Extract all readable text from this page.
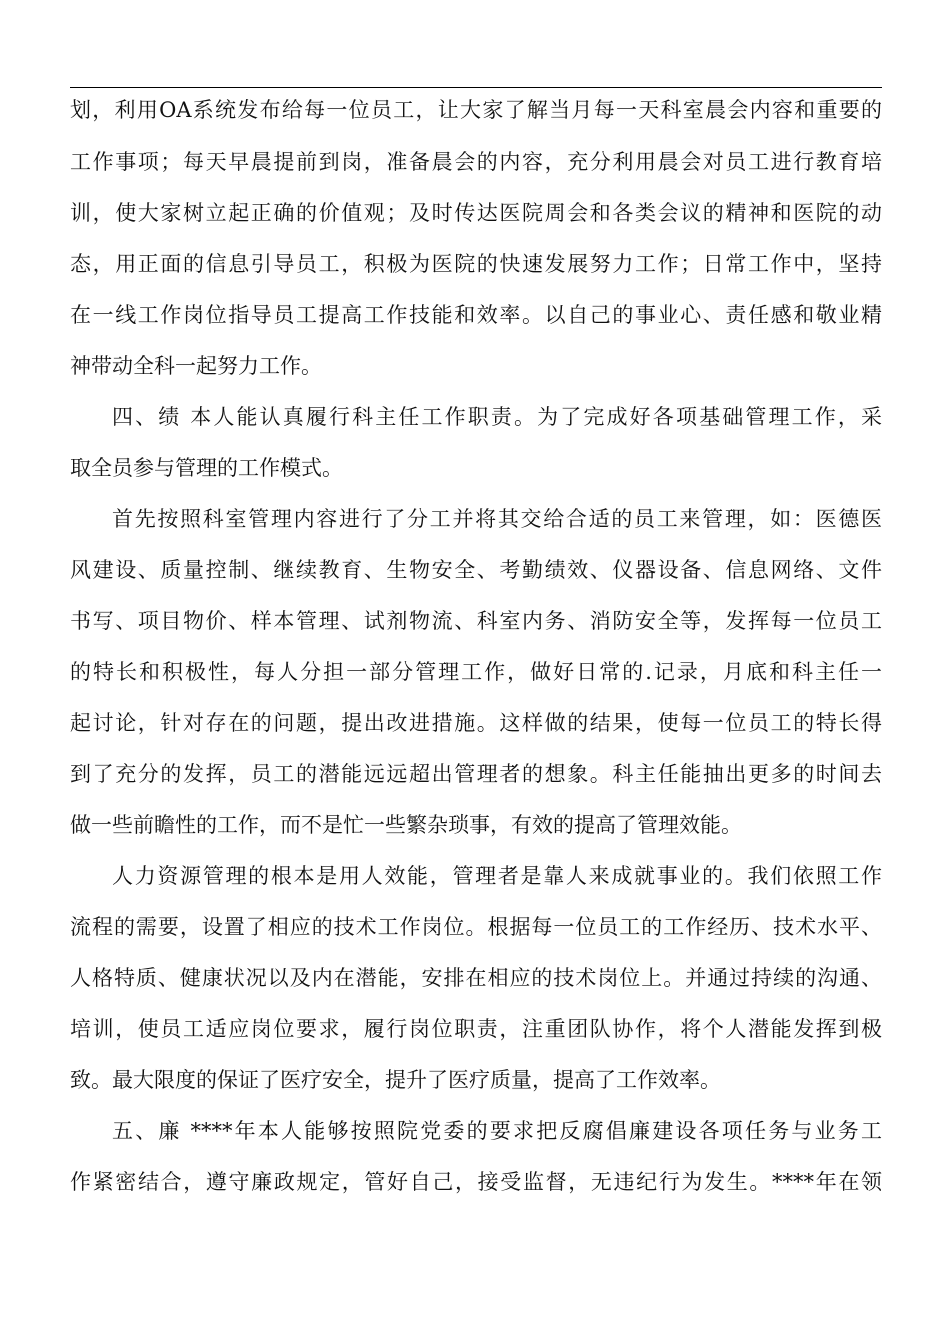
划，利用OA系统发布给每一位员工，让大家了解当月每一天科室晨会内容和重要的
工作事项；每天早晨提前到岗，准备晨会的内容，充分利用晨会对员工进行教育培
训，使大家树立起正确的价值观；及时传达医院周会和各类会议的精神和医院的动
态，用正面的信息引导员工，积极为医院的快速发展努力工作；日常工作中，坚持
在一线工作岗位指导员工提高工作技能和效率。以自己的事业心、责任感和敬业精
神带动全科一起努力工作。
四、绩 本人能认真履行科主任工作职责。为了完成好各项基础管理工作，采
取全员参与管理的工作模式。
首先按照科室管理内容进行了分工并将其交给合适的员工来管理，如：医德医
风建设、质量控制、继续教育、生物安全、考勤绩效、仪器设备、信息网络、文件
书写、项目物价、样本管理、试剂物流、科室内务、消防安全等，发挥每一位员工
的特长和积极性，每人分担一部分管理工作，做好日常的.记录，月底和科主任一
起讨论，针对存在的问题，提出改进措施。这样做的结果，使每一位员工的特长得
到了充分的发挥，员工的潜能远远超出管理者的想象。科主任能抽出更多的时间去
做一些前瞻性的工作，而不是忙一些繁杂琐事，有效的提高了管理效能。
人力资源管理的根本是用人效能，管理者是靠人来成就事业的。我们依照工作
流程的需要，设置了相应的技术工作岗位。根据每一位员工的工作经历、技术水平、
人格特质、健康状况以及内在潜能，安排在相应的技术岗位上。并通过持续的沟通、
培训，使员工适应岗位要求，履行岗位职责，注重团队协作，将个人潜能发挥到极
致。最大限度的保证了医疗安全，提升了医疗质量，提高了工作效率。
五、廉 ****年本人能够按照院党委的要求把反腐倡廉建设各项任务与业务工
作紧密结合，遵守廉政规定，管好自己，接受监督，无违纪行为发生。****年在领
